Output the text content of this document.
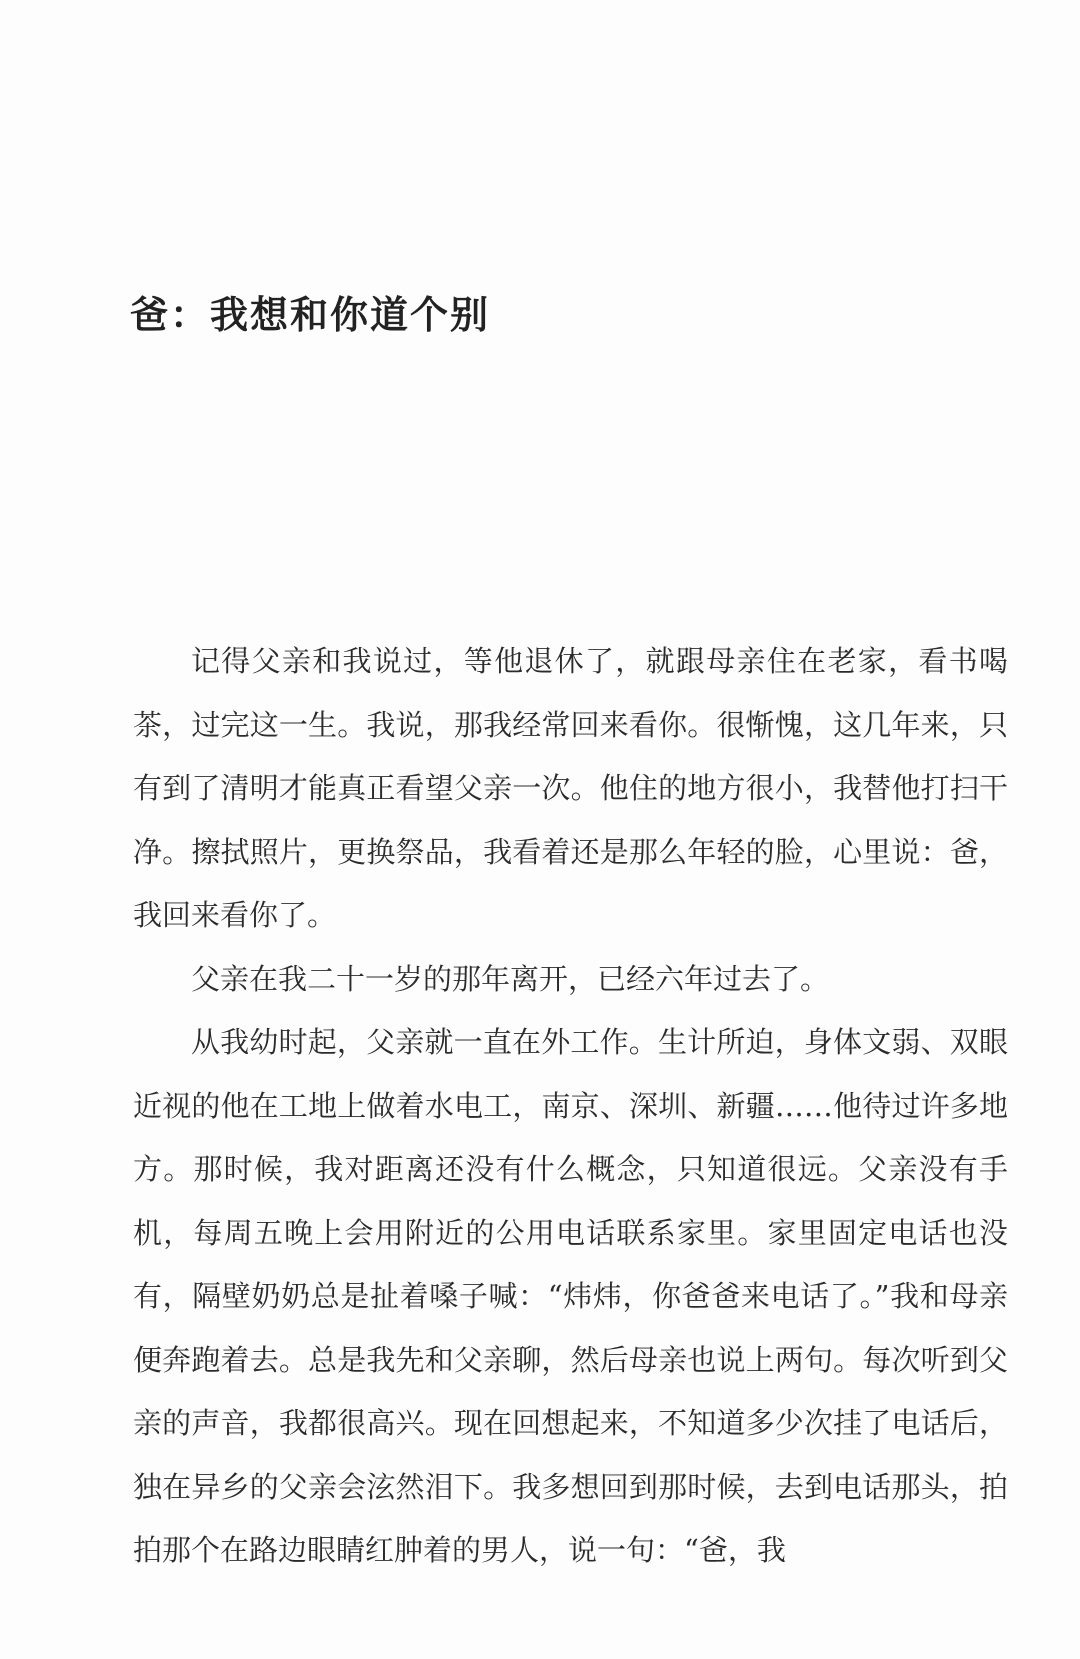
爸：我想和你道个别

记得父亲和我说过，等他退休了，就跟母亲住在老家，看书喝茶，过完这一生。我说，那我经常回来看你。很惭愧，这几年来，只有到了清明才能真正看望父亲一次。他住的地方很小，我替他打扫干净。擦拭照片，更换祭品，我看着还是那么年轻的脸，心里说：爸，我回来看你了。

父亲在我二十一岁的那年离开，已经六年过去了。

从我幼时起，父亲就一直在外工作。生计所迫，身体文弱、双眼近视的他在工地上做着水电工，南京、深圳、新疆……他待过许多地方。那时候，我对距离还没有什么概念，只知道很远。父亲没有手机，每周五晚上会用附近的公用电话联系家里。家里固定电话也没有，隔壁奶奶总是扯着嗓子喊：“炜炜，你爸爸来电话了。”我和母亲便奔跑着去。总是我先和父亲聊，然后母亲也说上两句。每次听到父亲的声音，我都很高兴。现在回想起来，不知道多少次挂了电话后，独在异乡的父亲会泫然泪下。我多想回到那时候，去到电话那头，拍拍那个在路边眼睛红肿着的男人，说一句：“爸，我
